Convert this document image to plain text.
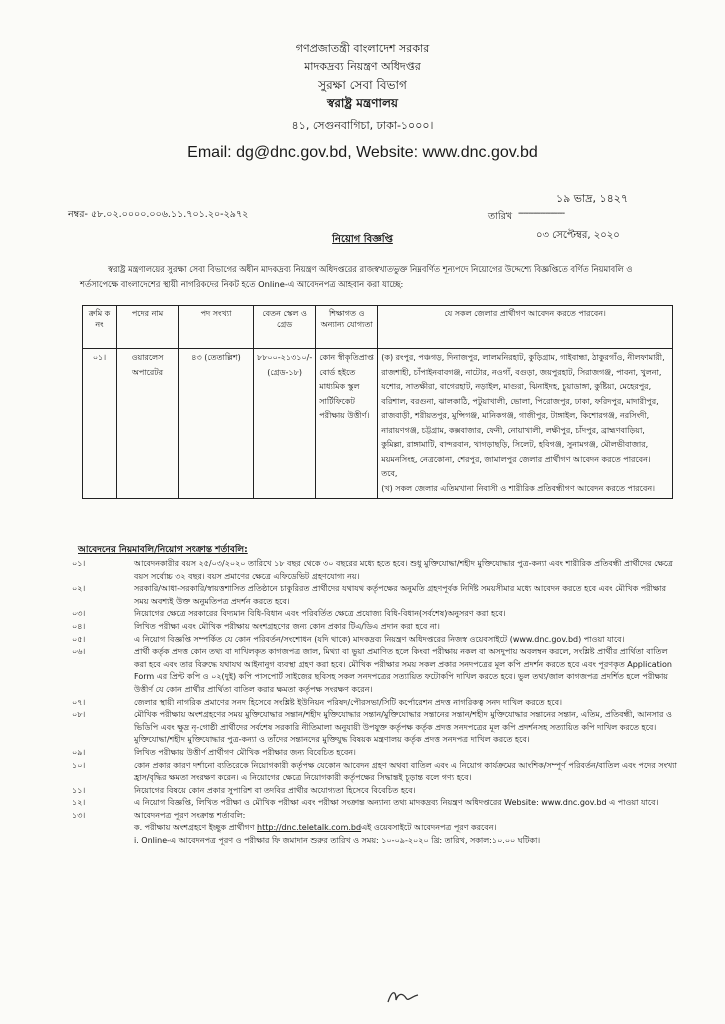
গণপ্রজাতন্ত্রী বাংলাদেশ সরকার
মাদকদ্রব্য নিয়ন্ত্রণ অধিদপ্তর
সুরক্ষা সেবা বিভাগ
স্বরাষ্ট্র মন্ত্রণালয়
৪১, সেগুনবাগিচা, ঢাকা-১০০০।
Email: dg@dnc.gov.bd, Website: www.dnc.gov.bd
নম্বর- ৫৮.০২.০০০০.০০৬.১১.৭০১.২০-২৯৭২
১৯ ভাদ্র, ১৪২৭
তারিখ -------------------
০৩ সেপ্টেম্বর, ২০২০
নিয়োগ বিজ্ঞপ্তি
স্বরাষ্ট্র মন্ত্রণালয়ের সুরক্ষা সেবা বিভাগের অধীন মাদকদ্রব্য নিয়ন্ত্রণ অধিদপ্তরের রাজস্বখাতভুক্ত নিম্নবর্ণিত শূন্যপদে নিয়োগের উদ্দেশ্যে বিজ্ঞপ্তিতে বর্ণিত নিয়মাবলি ও শর্তসাপেক্ষে বাংলাদেশের স্থায়ী নাগরিকদের নিকট হতে Online-এ আবেদনপত্র আহবান করা যাচ্ছে:
ক্রমি ক নং	পদের নাম	পদ সংখ্যা	বেতন স্কেল ও গ্রেড	শিক্ষাগত ও অন্যান্য যোগ্যতা	যে সকল জেলার প্রার্থীগণ আবেদন করতে পারবেন।
০১।	ওয়ারলেস অপারেটর	৪৩ (তেতাল্লিশ)	৮৮০০-২১৩১০/- (গ্রেড-১৮)	কোন স্বীকৃতিপ্রাপ্ত বোর্ড হইতে মাধ্যমিক স্কুল সার্টিফিকেট পরীক্ষায় উত্তীর্ণ।	(ক) রংপুর, পঞ্চগড়, দিনাজপুর, লালমনিরহাট, কুড়িগ্রাম, গাইবান্ধা, ঠাকুরগাঁও, নীলফামারী, রাজশাহী, চাঁপাইনবাবগঞ্জ, নাটোর, নওগাঁ, বগুড়া, জয়পুরহাট, সিরাজগঞ্জ, পাবনা, খুলনা, যশোর, সাতক্ষীরা, বাগেরহাট, নড়াইল, মাগুরা, ঝিনাইদহ, চুয়াডাঙ্গা, কুষ্টিয়া, মেহেরপুর, বরিশাল, বরগুনা, ঝালকাঠি, পটুয়াখালী, ভোলা, পিরোজপুর, ঢাকা, ফরিদপুর, মাদারীপুর, রাজবাড়ী, শরীয়তপুর, মুন্সিগঞ্জ, মানিকগঞ্জ, গাজীপুর, টাঙ্গাইল, কিশোরগঞ্জ, নরসিংদী, নারায়ণগঞ্জ, চট্টগ্রাম, কক্সবাজার, ফেনী, নোয়াখালী, লক্ষীপুর, চাঁদপুর, ব্রাহ্মণবাড়িয়া, কুমিল্লা, রাঙ্গামাটি, বান্দরবান, খাগড়াছড়ি, সিলেট, হবিগঞ্জ, সুনামগঞ্জ, মৌলভীবাজার, ময়মনসিংহ, নেত্রকোনা, শেরপুর, জামালপুর জেলার প্রার্থীগণ আবেদন করতে পারবেন। তবে,
(খ) সকল জেলার এতিমখানা নিবাসী ও শারীরিক প্রতিবন্ধীগণ আবেদন করতে পারবেন।
আবেদনের নিয়মাবলি/নিয়োগ সংক্রান্ত শর্তাবলি:
০১।	আবেদনকারীর বয়স ২৫/০৩/২০২০ তারিখে ১৮ বছর থেকে ৩০ বছরের মধ্যে হতে হবে। শুধু মুক্তিযোদ্ধা/শহীদ মুক্তিযোদ্ধার পুত্র-কন্যা এবং শারীরিক প্রতিবন্ধী প্রার্থীদের ক্ষেত্রে বয়স সর্বোচ্চ ৩২ বছর। বয়স প্রমাণের ক্ষেত্রে এফিডেভিট গ্রহণযোগ্য নয়।
০২।	সরকারি/আধা-সরকারি/স্বায়ত্তশাসিত প্রতিষ্ঠানে চাকুরিরত প্রার্থীদের যথাযথ কর্তৃপক্ষের অনুমতি গ্রহণপূর্বক নির্দিষ্ট সময়সীমার মধ্যে আবেদন করতে হবে এবং মৌখিক পরীক্ষার সময় অবশ্যই উক্ত অনুমতিপত্র প্রদর্শন করতে হবে।
০৩।	নিয়োগের ক্ষেত্রে সরকারের বিদ্যমান বিধি-বিধান এবং পরিবর্তিত ক্ষেত্রে প্রযোজ্য বিধি-বিধান(সর্বশেষ)অনুসরণ করা হবে।
০৪।	লিখিত পরীক্ষা এবং মৌখিক পরীক্ষায় অংশগ্রহণের জন্য কোন প্রকার টিএ/ডিএ প্রদান করা হবে না।
০৫।	এ নিয়োগ বিজ্ঞপ্তি সম্পর্কিত যে কোন পরিবর্তন/সংশোধন (যদি থাকে) মাদকদ্রব্য নিয়ন্ত্রণ অধিদপ্তরের নিজস্ব ওয়েবসাইটে (www.dnc.gov.bd) পাওয়া যাবে।
০৬।	প্রার্থী কর্তৃক প্রদত্ত কোন তথ্য বা দাখিলকৃত কাগজপত্র জাল, মিথ্যা বা ভুয়া প্রমাণিত হলে কিংবা পরীক্ষায় নকল বা অসদুপায় অবলম্বন করলে, সংশ্লিষ্ট প্রার্থীর প্রার্থিতা বাতিল করা হবে এবং তার বিরুদ্ধে যথাযথ আইনানুগ ব্যবস্থা গ্রহণ করা হবে। মৌখিক পরীক্ষার সময় সকল প্রকার সনদপত্রের মূল কপি প্রদর্শন করতে হবে এবং পূরণকৃত Application Form এর প্রিন্ট কপি ও ০২(দুই) কপি পাসপোর্ট সাইজের ছবিসহ সকল সনদপত্রের সত্যায়িত ফটোকপি দাখিল করতে হবে। ভুল তথ্য/জাল কাগজপত্র প্রদর্শিত হলে পরীক্ষায় উত্তীর্ণ যে কোন প্রার্থীর প্রার্থিতা বাতিল করার ক্ষমতা কর্তৃপক্ষ সংরক্ষণ করেন।
০৭।	জেলার স্থায়ী নাগরিক প্রমাণের সনদ হিসেবে সংশ্লিষ্ট ইউনিয়ন পরিষদ/পৌরসভা/সিটি কর্পোরেশন প্রদত্ত নাগরিকত্ব সনদ দাখিল করতে হবে।
০৮।	মৌখিক পরীক্ষায় অংশগ্রহণের সময় মুক্তিযোদ্ধার সন্তান/শহীদ মুক্তিযোদ্ধার সন্তান/মুক্তিযোদ্ধার সন্তানের সন্তান/শহীদ মুক্তিযোদ্ধার সন্তানের সন্তান, এতিম, প্রতিবন্ধী, আনসার ও ভিডিপি এবং ক্ষুদ্র নৃ-গোষ্ঠী প্রার্থীদের সর্বশেষ সরকারি নীতিমালা অনুযায়ী উপযুক্ত কর্তৃপক্ষ কর্তৃক প্রদত্ত সনদপত্রের মূল কপি প্রদর্শনসহ সত্যায়িত কপি দাখিল করতে হবে। মুক্তিযোদ্ধা/শহীদ মুক্তিযোদ্ধার পুত্র-কন্যা ও তাঁদের সন্তানদের মুক্তিযুদ্ধ বিষয়ক মন্ত্রণালয় কর্তৃক প্রদত্ত সনদপত্র দাখিল করতে হবে।
০৯।	লিখিত পরীক্ষায় উত্তীর্ণ প্রার্থীগণ মৌখিক পরীক্ষার জন্য বিবেচিত হবেন।
১০।	কোন প্রকার কারণ দর্শানো ব্যতিরেকে নিয়োগকারী কর্তৃপক্ষ যেকোন আবেদন গ্রহণ অথবা বাতিল এবং এ নিয়োগ কার্যক্রমের আংশিক/সম্পূর্ণ পরিবর্তন/বাতিল এবং পদের সংখ্যা হ্রাস/বৃদ্ধির ক্ষমতা সংরক্ষণ করেন। এ নিয়োগের ক্ষেত্রে নিয়োগকারী কর্তৃপক্ষের সিদ্ধান্তই চূড়ান্ত বলে গণ্য হবে।
১১।	নিয়োগের বিষয়ে কোন প্রকার সুপারিশ বা তদবির প্রার্থীর অযোগ্যতা হিসেবে বিবেচিত হবে।
১২।	এ নিয়োগ বিজ্ঞপ্তি, লিখিত পরীক্ষা ও মৌখিক পরীক্ষা এবং পরীক্ষা সংক্রান্ত অন্যান্য তথ্য মাদকদ্রব্য নিয়ন্ত্রণ অধিদপ্তরের Website: www.dnc.gov.bd এ পাওয়া যাবে।
১৩।	আবেদনপত্র পূরণ সংক্রান্ত শর্তাবলি:
ক. পরীক্ষায় অংশগ্রহণে ইচ্ছুক প্রার্থীগণ http://dnc.teletalk.com.bdএই ওয়েবসাইটে আবেদনপত্র পূরণ করবেন।
i. Online-এ আবেদনপত্র পূরণ ও পরীক্ষার ফি জমাদান শুরুর তারিখ ও সময়: ১০-০৯-২০২০ খ্রি: তারিখ, সকাল:১০.০০ ঘটিকা।
